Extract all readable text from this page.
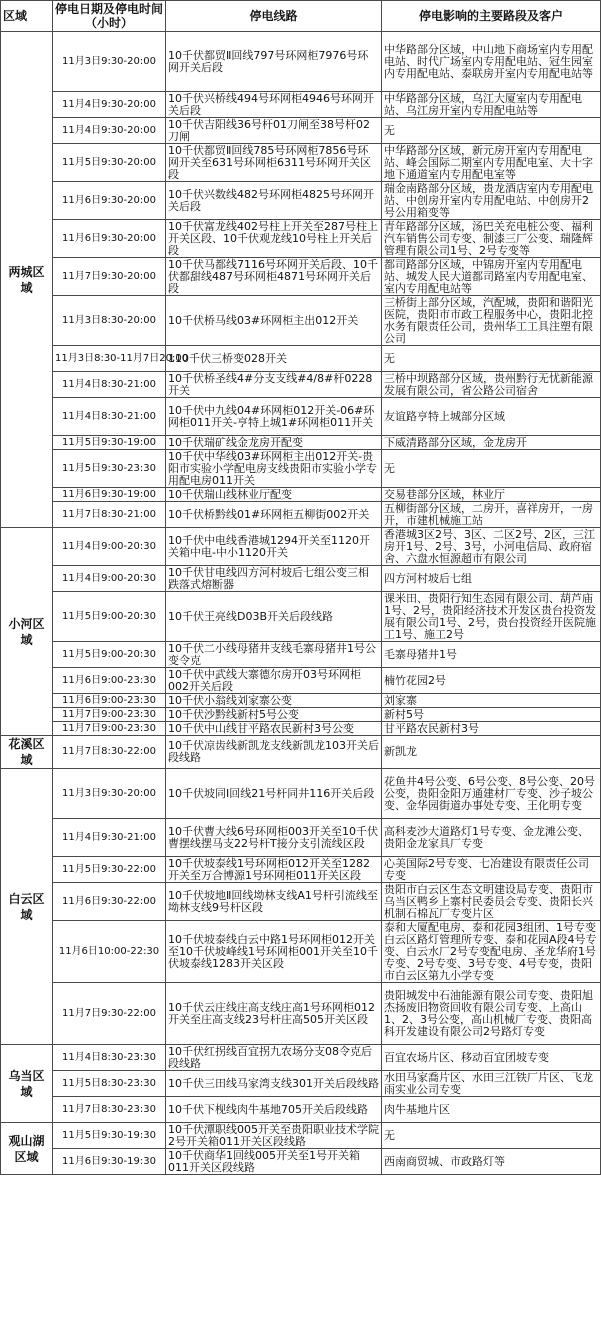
区域	停电日期及停电时间（小时）	停电线路	停电影响的主要路段及客户
两城区域	11月3日9:30-20:00	10千伏都贸Ⅱ回线797号环网柜7976号环网开关后段	中华路部分区域，中山地下商场室内专用配电站、时代广场室内专用配电站、冠生园室内专用配电站、泰联房开室内专用配电站等
	11月4日9:30-20:00	10千伏兴桥线494号环网柜4946号环网开关后段	中华路部分区域，乌江大厦室内专用配电站、乌江房开室内专用配电站等
	11月4日9:30-20:00	10千伏吉阳线36号杆01刀闸至38号杆02刀闸	无
	11月5日9:30-20:00	10千伏都贸Ⅱ回线785号环网柜7856号环网开关至631号环网柜6311号环网开关区段	中华路部分区域，新元房开室内专用配电站、峰会国际二期室内专用配电室、大十字地下通道室内专用配电室等
	11月6日9:30-20:00	10千伏兴数线482号环网柜4825号环网开关后段	瑞金南路部分区域，贵龙酒店室内专用配电站、中创房开室内专用配电站、中创房开2号公用箱变等
	11月6日9:30-20:00	10千伏富龙线402号柱上开关至287号柱上开关区段、10千伏观龙线10号柱上开关后段	青年路部分区域，汤巴关充电桩公变、福利汽车销售公司专变、制漆三厂公变、瑞隆辉管理有限公司1号、2号专变等
	11月7日9:30-20:00	10千伏马都线7116号环网开关后段、10千伏都甜线487号环网柜4871号环网开关后段	都司路部分区域，中锦房开室内专用配电站、城发人民大道都司路室内专用配电室、室内专用配电站等
	11月3日8:30-20:00	10千伏桥马线03#环网柜主出012开关	三桥街上部分区域，汽配城，贵阳和谐阳光医院，贵阳市市政工程服务中心，贵阳北控水务有限责任公司，贵州华工工具注塑有限公司
	11月3日8:30-11月7日20:00	110千伏三桥变028开关	无
	11月4日8:30-21:00	10千伏桥圣线4#分支支线#4/8#杆0228开关	三桥中坝路部分区域，贵州黔行无忧新能源发展有限公司，省公路公司宿舍
	11月4日8:30-21:00	10千伏中九线04#环网柜012开关-06#环网柜011开关-亨特上城1#环网柜011开关	友谊路亨特上城部分区域
	11月5日9:30-19:00	10千伏瑞矿线金龙房开配变	下威清路部分区域，金龙房开
	11月5日9:30-23:30	10千伏中华线03#环网柜主出012开关-贵阳市实验小学配电房支线贵阳市实验小学专用配电房011开关	无
	11月6日9:30-19:00	10千伏瑞山线林业厅配变	交易巷部分区域，林业厅
	11月7日8:30-21:00	10千伏桥黔线01#环网柜五柳街002开关	五柳街部分区域，二房开，喜祥房开，一房开，市建机械施工站
小河区域	11月4日9:00-20:30	10千伏中电线香港城1294开关至1120开关箱中电-中小1120开关	香港城3区2号、3区、二区2号、2区，三江房开1号、2号、3号，小河电信局、政府宿舍、六盘水恒源超市有限公司
	11月4日9:00-20:30	10千伏甘电线四方河村坡后七组公变三相跌落式熔断器	四方河村坡后七组
	11月5日9:00-20:30	10千伏王亮线D03B开关后段线路	课米田、贵阳行知生态园有限公司、葫芦庙1号、2号，贵阳经济技术开发区贵台投资发展有限公司1号、2号，贵台投资经开医院施工1号、施工2号
	11月5日9:00-20:30	10千伏二小线母猪井支线毛寨母猪井1号公变令克	毛寨母猪井1号
	11月6日9:00-23:30	10千伏中武线大寨德尔房开03号环网柜002开关后段	楠竹花园2号
	11月6日9:00-23:30	10千伏小翁线刘家寨公变	刘家寨
	11月7日9:00-23:30	10千伏沙黔线新村5号公变	新村5号
	11月7日9:00-23:30	10千伏中山线甘平路农民新村3号公变	甘平路农民新村3号
花溪区域	11月7日8:30-22:00	10千伏凉齿线新凯龙支线新凯龙103开关后段线路	新凯龙
白云区域	11月3日9:30-20:00	10千伏坡同Ⅰ回线21号杆同井116开关后段	花鱼井4号公变、6号公变、8号公变、20号公变，贵阳金阳万通建材厂专变、沙子坡公变、金华园街道办事处专变、王化明专变
	11月4日9:30-21:00	10千伏曹大线6号环网柜003开关至10千伏曹摆线摆马支22号杆T接分支引流线区段	高科麦沙大道路灯1号专变、金龙滩公变、贵阳金龙家具厂专变
	11月5日9:30-22:00	10千伏坡泰线1号环网柜012开关至1282开关至万合博源1号环网柜011开关区段	心美国际2号专变、七冶建设有限责任公司专变
	11月6日9:30-22:00	10千伏坡地Ⅱ回线坳林支线A1号杆引流线至坳林支线9号杆区段	贵阳市白云区生态文明建设局专变、贵阳市乌当区鸭乡上寨村民委员会专变、贵阳长兴机制石棉瓦厂专变片区
	11月6日10:00-22:30	10千伏坡泰线白云中路1号环网柜012开关至10千伏坡峰线1号环网柜001开关至10千伏坡泰线1283开关区段	泰和大厦配电房、泰和花园3组团、1号专变白云区路灯管理所专变、泰和花园A段4号专变、白云水厂2号专变配电房、圣龙华府1号专变、2号专变、3号专变、4号专变，贵阳市白云区第九小学专变
	11月7日9:30-22:00	10千伏云庄线庄高支线庄高1号环网柜012开关至庄高支线23号杆庄高505开关区段	贵阳城发中石油能源有限公司专变、贵阳旭杰扬废旧物资回收有限公司专变、上高山1、2、3号公变，高山机械厂专变、贵阳高科开发建设有限公司2号路灯专变
乌当区域	11月4日8:30-23:30	10千伏红拐线百宜拐九农场分支08令克后段线路	百宜农场片区、移动百宜团坡专变
	11月5日8:30-23:30	10千伏三田线马家湾支线301开关后段线路	水田马家喬片区、水田三江铁厂片区、飞龙雨实业公司专变
	11月7日8:30-23:30	10千伏下枧线肉牛基地705开关后段线路	肉牛基地片区
观山湖区域	11月5日9:30-19:30	10千伏潭职线005开关至贵阳职业技术学院2号开关箱011开关区段线路	无
	11月6日9:30-19:30	10千伏商华1回线005开关至1号开关箱011开关区段线路	西南商贸城、市政路灯等
